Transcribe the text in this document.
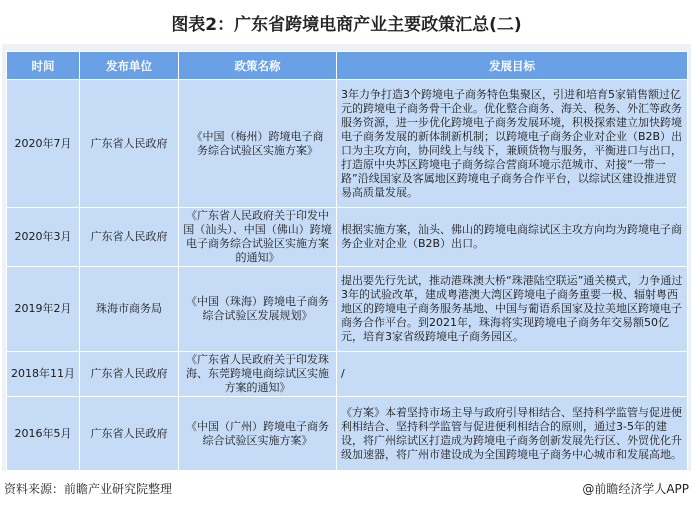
图表2：广东省跨境电商产业主要政策汇总(二)
时间	发布单位	政策名称	发展目标
2020年7月	广东省人民政府	《中国（梅州）跨境电子商务综合试验区实施方案》	3年力争打造3个跨境电子商务特色集聚区，引进和培育5家销售额过亿元的跨境电子商务骨干企业。优化整合商务、海关、税务、外汇等政务服务资源，进一步优化跨境电子商务发展环境，积极探索建立加快跨境电子商务发展的新体制新机制；以跨境电子商务企业对企业（B2B）出口为主攻方向，协同线上与线下，兼顾货物与服务，平衡进口与出口，打造原中央苏区跨境电子商务综合营商环境示范城市、对接“一带一路”沿线国家及客属地区跨境电子商务合作平台，以综试区建设推进贸易高质量发展。
2020年3月	广东省人民政府	《广东省人民政府关于印发中国（汕头）、中国（佛山）跨境电子商务综合试验区实施方案的通知》	根据实施方案，汕头、佛山的跨境电商综试区主攻方向均为跨境电子商务企业对企业（B2B）出口。
2019年2月	珠海市商务局	《中国（珠海）跨境电子商务综合试验区发展规划》	提出要先行先试，推动港珠澳大桥“珠港陆空联运”通关模式，力争通过3年的试验改革，建成粤港澳大湾区跨境电子商务重要一极、辐射粤西地区的跨境电子商务服务基地、中国与葡语系国家及拉美地区跨境电子商务合作平台。到2021年，珠海将实现跨境电子商务年交易额50亿元，培育3家省级跨境电子商务园区。
2018年11月	广东省人民政府	《广东省人民政府关于印发珠海、东莞跨境电商综试区实施方案的通知》	/
2016年5月	广东省人民政府	《中国（广州）跨境电子商务综合试验区实施方案》	《方案》本着坚持市场主导与政府引导相结合、坚持科学监管与促进便利相结合、坚持科学监管与促进便利相结合的原则，通过3-5年的建设，将广州综试区打造成为跨境电子商务创新发展先行区、外贸优化升级加速器，将广州市建设成为全国跨境电子商务中心城市和发展高地。
资料来源：前瞻产业研究院整理	@前瞻经济学人APP
